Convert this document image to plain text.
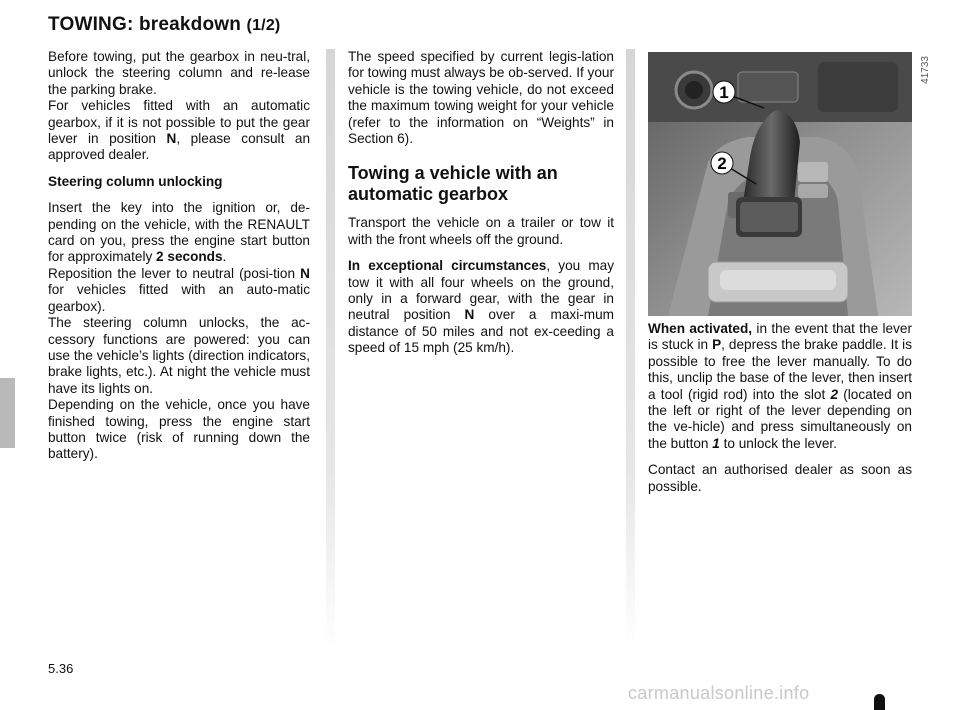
TOWING: breakdown (1/2)

Before towing, put the gearbox in neu-tral, unlock the steering column and re-lease the parking brake.

For vehicles fitted with an automatic gearbox, if it is not possible to put the gear lever in position N, please consult an approved dealer.

Steering column unlocking

Insert the key into the ignition or, de-pending on the vehicle, with the RENAULT card on you, press the engine start button for approximately 2 seconds.

Reposition the lever to neutral (posi-tion N for vehicles fitted with an auto-matic gearbox).

The steering column unlocks, the ac-cessory functions are powered: you can use the vehicle’s lights (direction indicators, brake lights, etc.). At night the vehicle must have its lights on.

Depending on the vehicle, once you have finished towing, press the engine start button twice (risk of running down the battery).

The speed specified by current legis-lation for towing must always be ob-served. If your vehicle is the towing vehicle, do not exceed the maximum towing weight for your vehicle (refer to the information on “Weights” in Section 6).

Towing a vehicle with an automatic gearbox

Transport the vehicle on a trailer or tow it with the front wheels off the ground.

In exceptional circumstances, you may tow it with all four wheels on the ground, only in a forward gear, with the gear in neutral position N over a maxi-mum distance of 50 miles and not ex-ceeding a speed of 15 mph (25 km/h).

1
2
41733

When activated, in the event that the lever is stuck in P, depress the brake paddle. It is possible to free the lever manually. To do this, unclip the base of the lever, then insert a tool (rigid rod) into the slot 2 (located on the left or right of the lever depending on the ve-hicle) and press simultaneously on the button 1 to unlock the lever.

Contact an authorised dealer as soon as possible.

5.36
carmanualsonline.info
